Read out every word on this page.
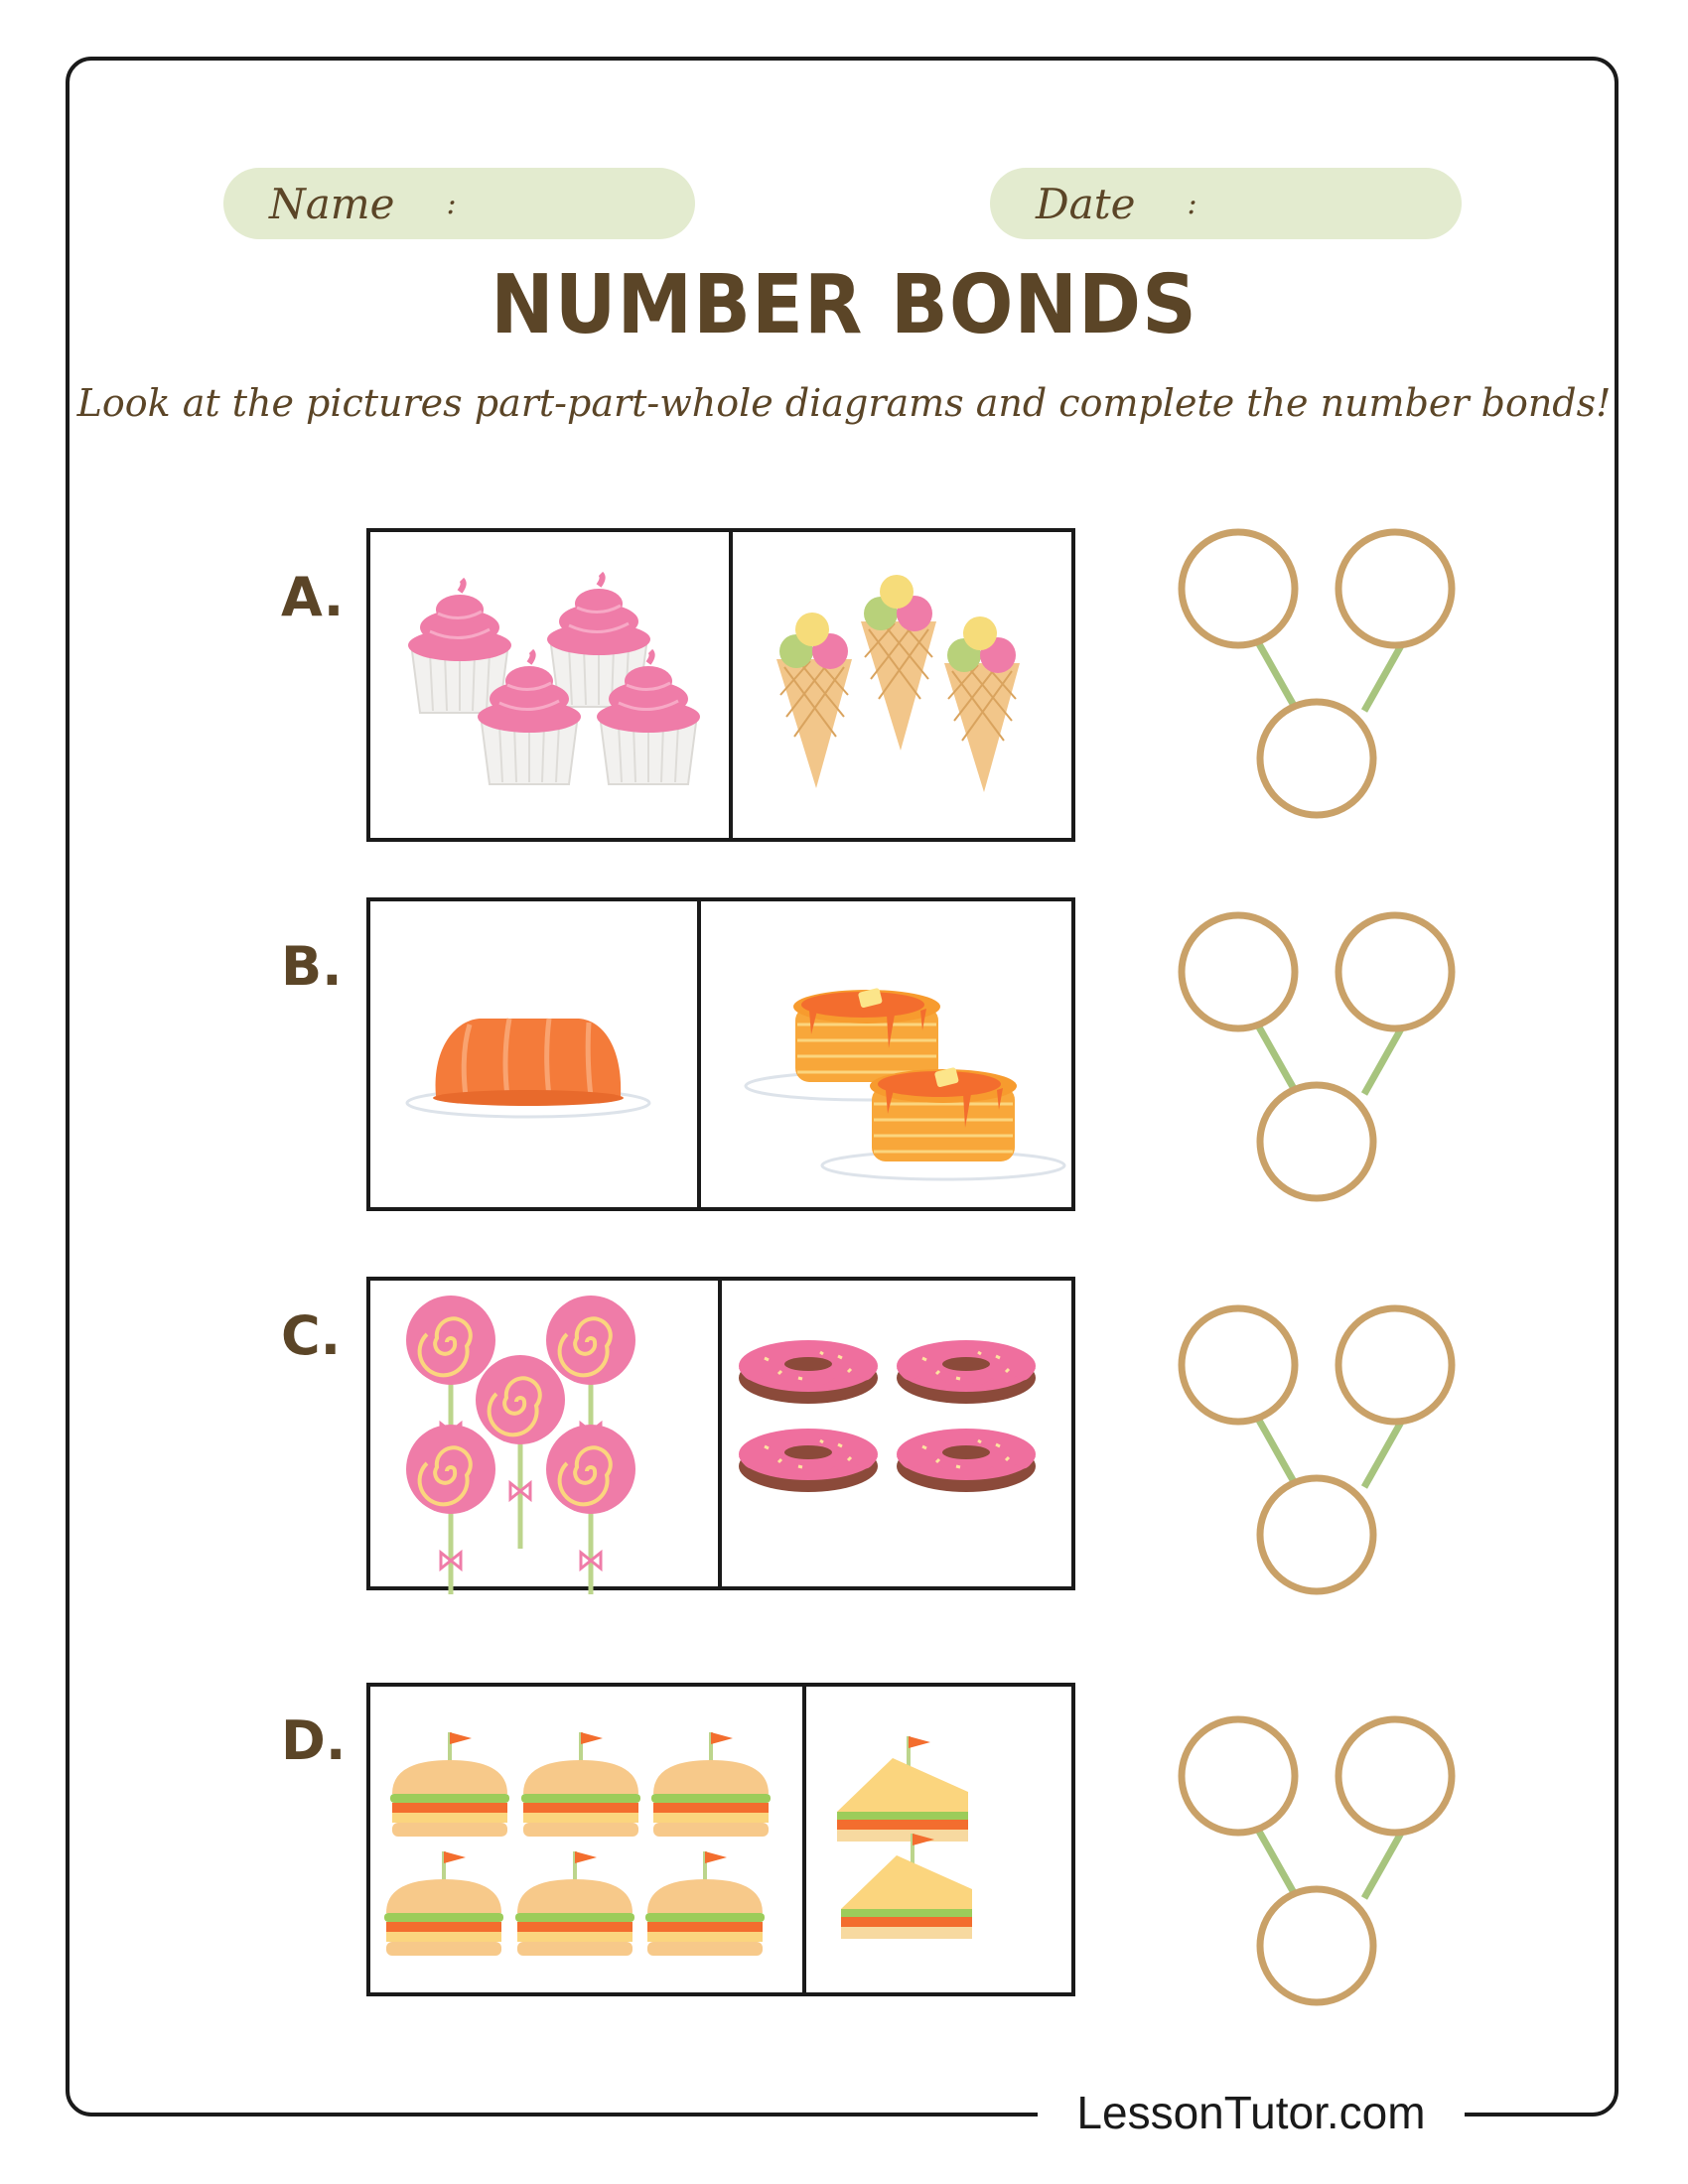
Name :	Date :
NUMBER BONDS
Look at the pictures part-part-whole diagrams and complete the number bonds!
A.
B.
C.
D.
LessonTutor.com
